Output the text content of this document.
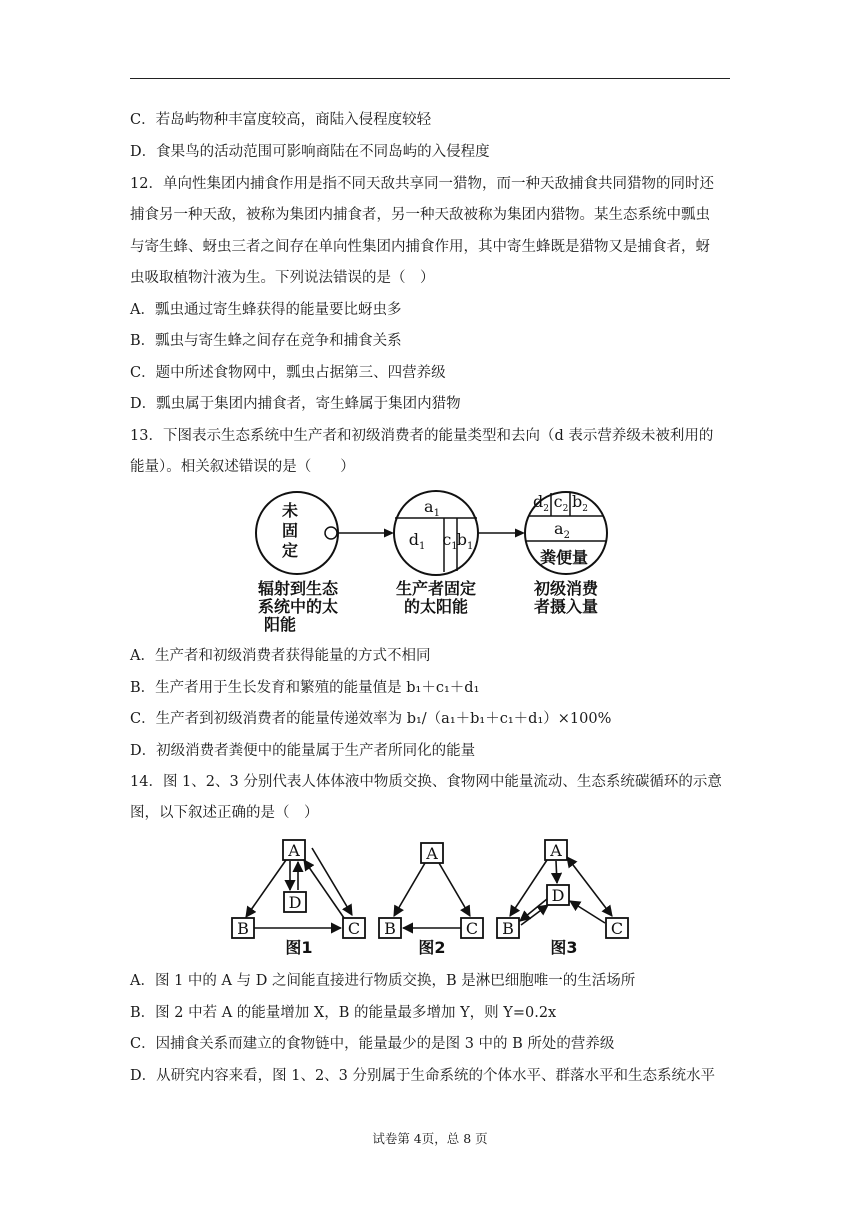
C．若岛屿物种丰富度较高，商陆入侵程度较轻
D．食果鸟的活动范围可影响商陆在不同岛屿的入侵程度
12．单向性集团内捕食作用是指不同天敌共享同一猎物，而一种天敌捕食共同猎物的同时还
捕食另一种天敌，被称为集团内捕食者，另一种天敌被称为集团内猎物。某生态系统中瓢虫
与寄生蜂、蚜虫三者之间存在单向性集团内捕食作用，其中寄生蜂既是猎物又是捕食者，蚜
虫吸取植物汁液为生。下列说法错误的是（　）
A．瓢虫通过寄生蜂获得的能量要比蚜虫多
B．瓢虫与寄生蜂之间存在竞争和捕食关系
C．题中所述食物网中，瓢虫占据第三、四营养级
D．瓢虫属于集团内捕食者，寄生蜂属于集团内猎物
13．下图表示生态系统中生产者和初级消费者的能量类型和去向（d 表示营养级未被利用的
能量）。相关叙述错误的是（　　）
未
固
定
$a_1$
$d_1$ $c_1$ $b_1$
$d_2$ $c_2$ $b_2$
$a_2$
粪便量
辐射到生态
系统中的太
阳能
生产者固定
的太阳能
初级消费
者摄入量
A．生产者和初级消费者获得能量的方式不相同
B．生产者用于生长发育和繁殖的能量值是 b₁＋c₁＋d₁
C．生产者到初级消费者的能量传递效率为 b₁/（a₁＋b₁＋c₁＋d₁）×100%
D．初级消费者粪便中的能量属于生产者所同化的能量
14．图 1、2、3 分别代表人体体液中物质交换、食物网中能量流动、生态系统碳循环的示意
图，以下叙述正确的是（　）
A
D
B	C
图1
A
B	C
图2
A
D
B	C
图3
A．图 1 中的 A 与 D 之间能直接进行物质交换，B 是淋巴细胞唯一的生活场所
B．图 2 中若 A 的能量增加 X，B 的能量最多增加 Y，则 Y=0.2x
C．因捕食关系而建立的食物链中，能量最少的是图 3 中的 B 所处的营养级
D．从研究内容来看，图 1、2、3 分别属于生命系统的个体水平、群落水平和生态系统水平
试卷第 4页，总 8 页
